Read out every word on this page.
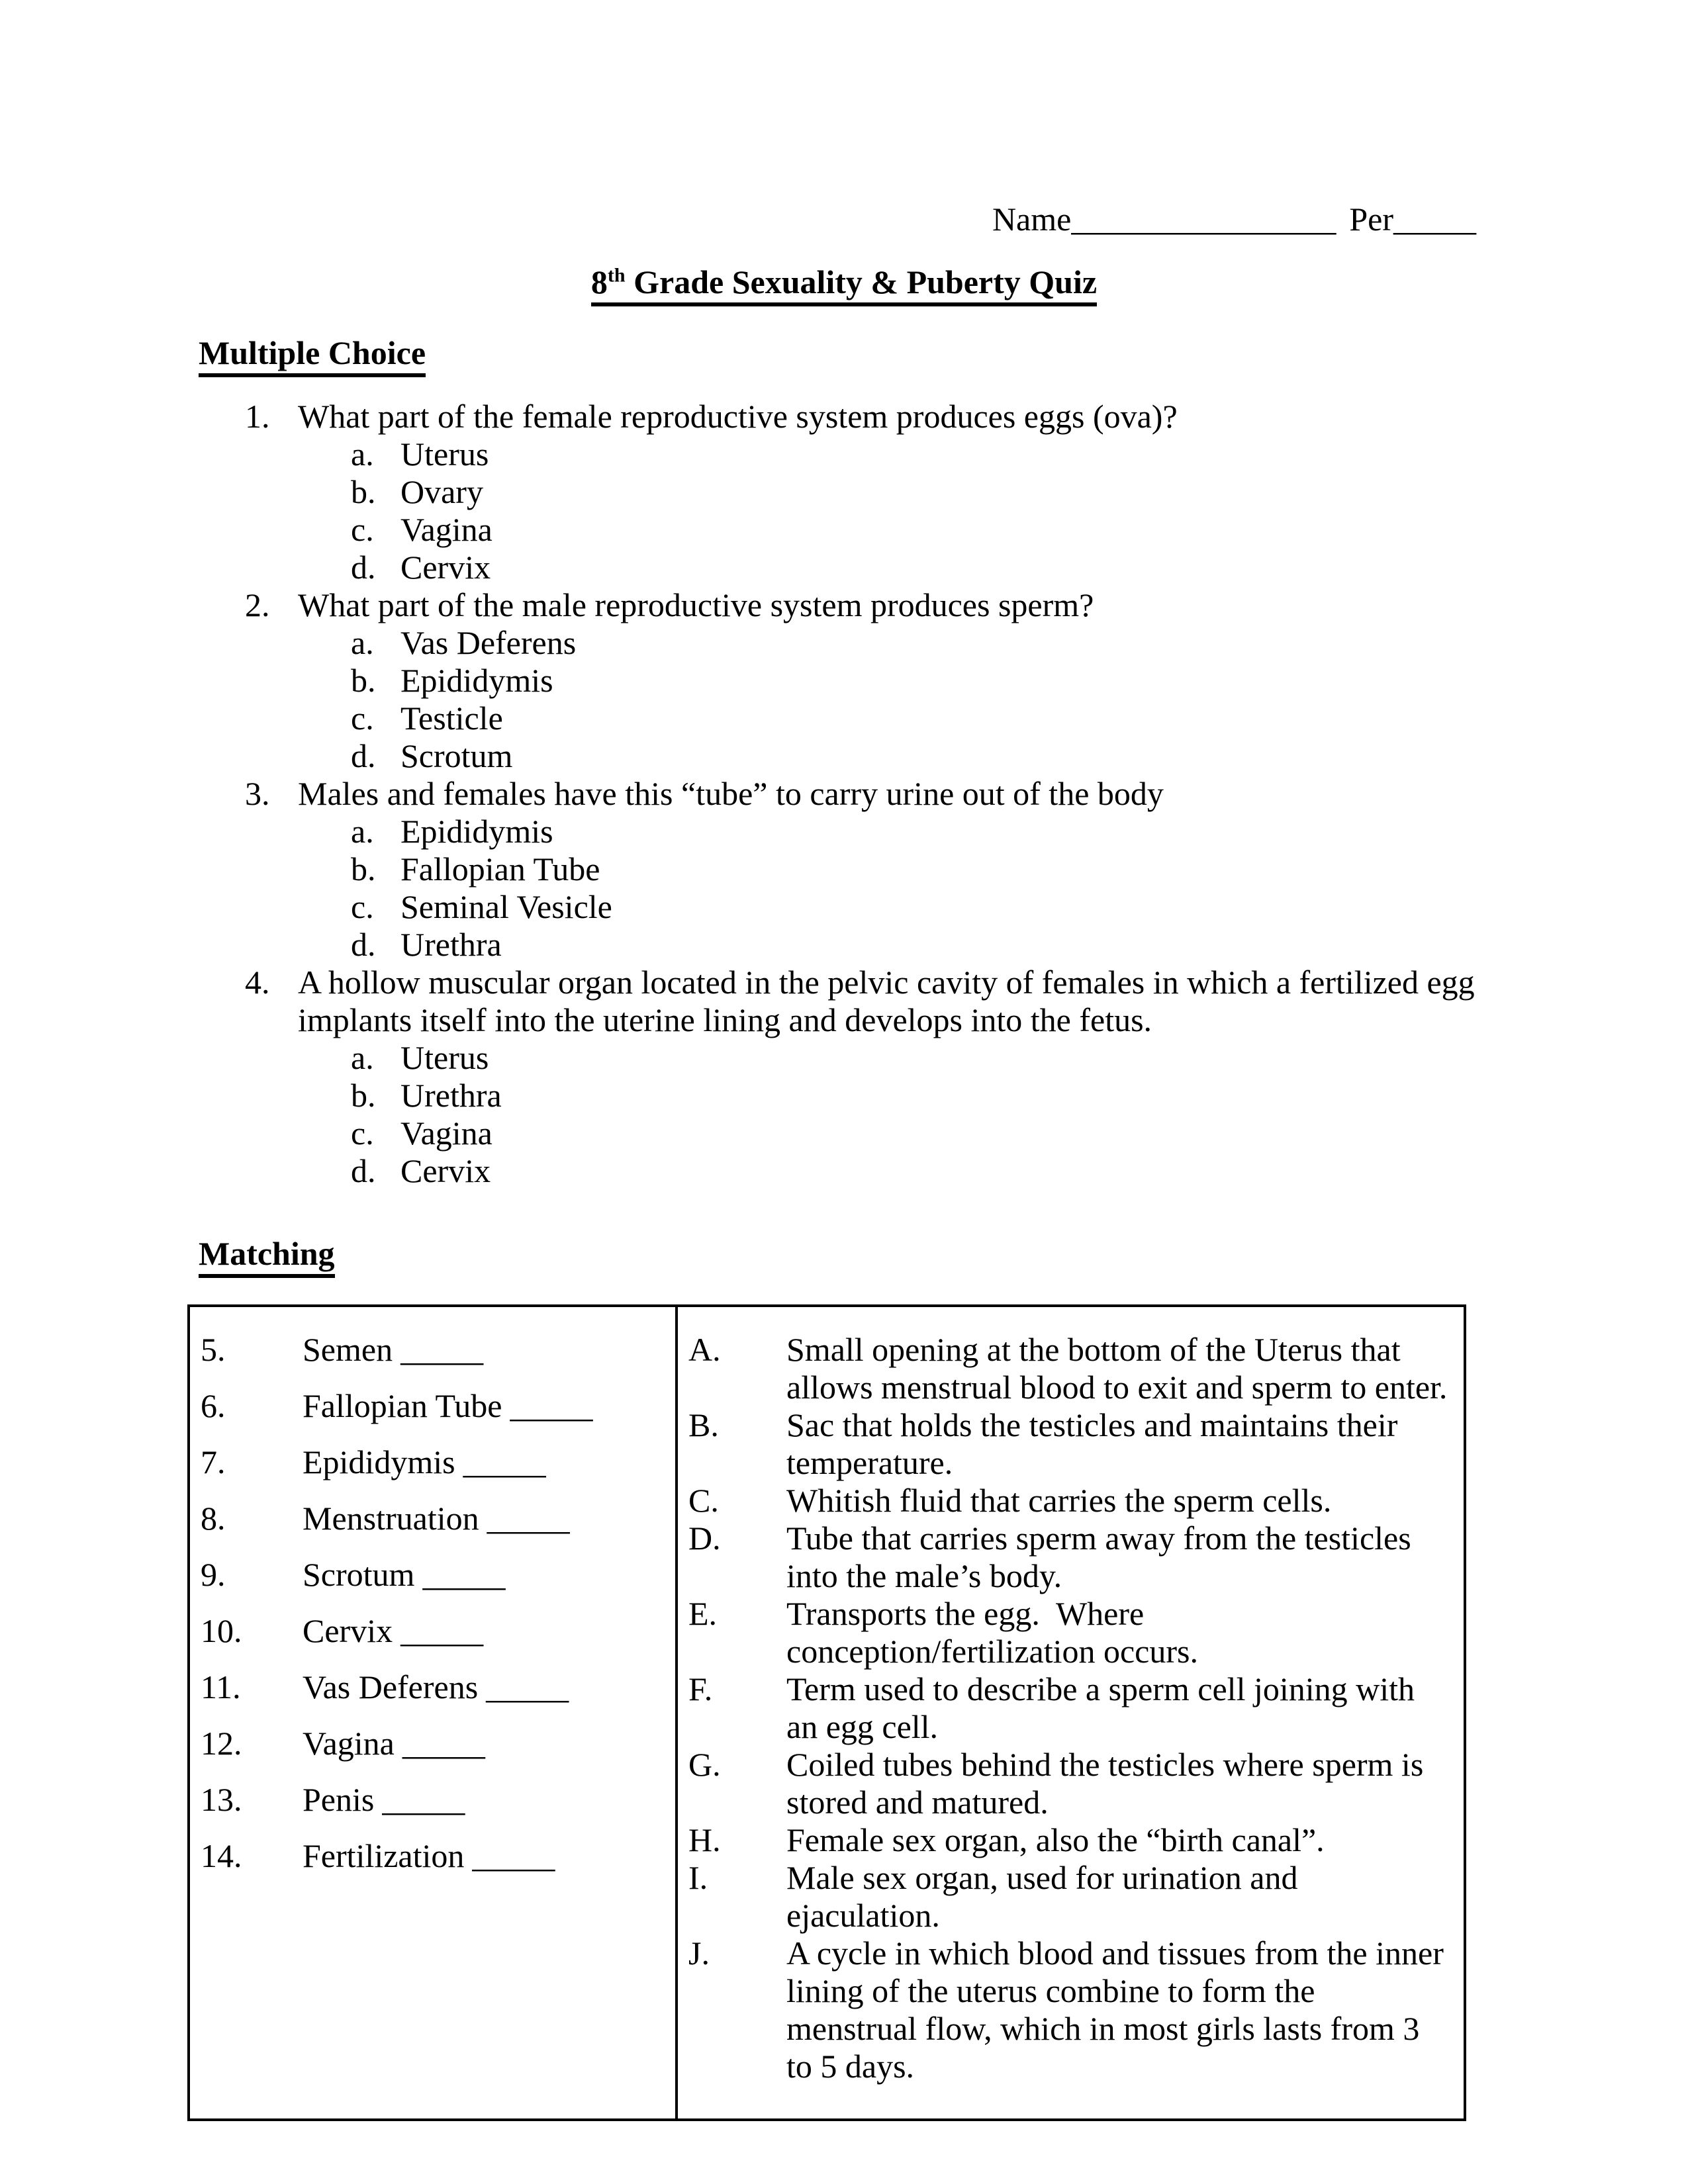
Name________________ Per_____
8th Grade Sexuality & Puberty Quiz
Multiple Choice
1. What part of the female reproductive system produces eggs (ova)?
a. Uterus
b. Ovary
c. Vagina
d. Cervix
2. What part of the male reproductive system produces sperm?
a. Vas Deferens
b. Epididymis
c. Testicle
d. Scrotum
3. Males and females have this “tube” to carry urine out of the body
a. Epididymis
b. Fallopian Tube
c. Seminal Vesicle
d. Urethra
4. A hollow muscular organ located in the pelvic cavity of females in which a fertilized egg implants itself into the uterine lining and develops into the fetus.
a. Uterus
b. Urethra
c. Vagina
d. Cervix
Matching
5. Semen _____
6. Fallopian Tube _____
7. Epididymis _____
8. Menstruation _____
9. Scrotum _____
10. Cervix _____
11. Vas Deferens _____
12. Vagina _____
13. Penis _____
14. Fertilization _____

A. Small opening at the bottom of the Uterus that allows menstrual blood to exit and sperm to enter.
B. Sac that holds the testicles and maintains their temperature.
C. Whitish fluid that carries the sperm cells.
D. Tube that carries sperm away from the testicles into the male’s body.
E. Transports the egg.  Where conception/fertilization occurs.
F. Term used to describe a sperm cell joining with an egg cell.
G. Coiled tubes behind the testicles where sperm is stored and matured.
H. Female sex organ, also the “birth canal”.
I. Male sex organ, used for urination and ejaculation.
J. A cycle in which blood and tissues from the inner lining of the uterus combine to form the menstrual flow, which in most girls lasts from 3 to 5 days.
